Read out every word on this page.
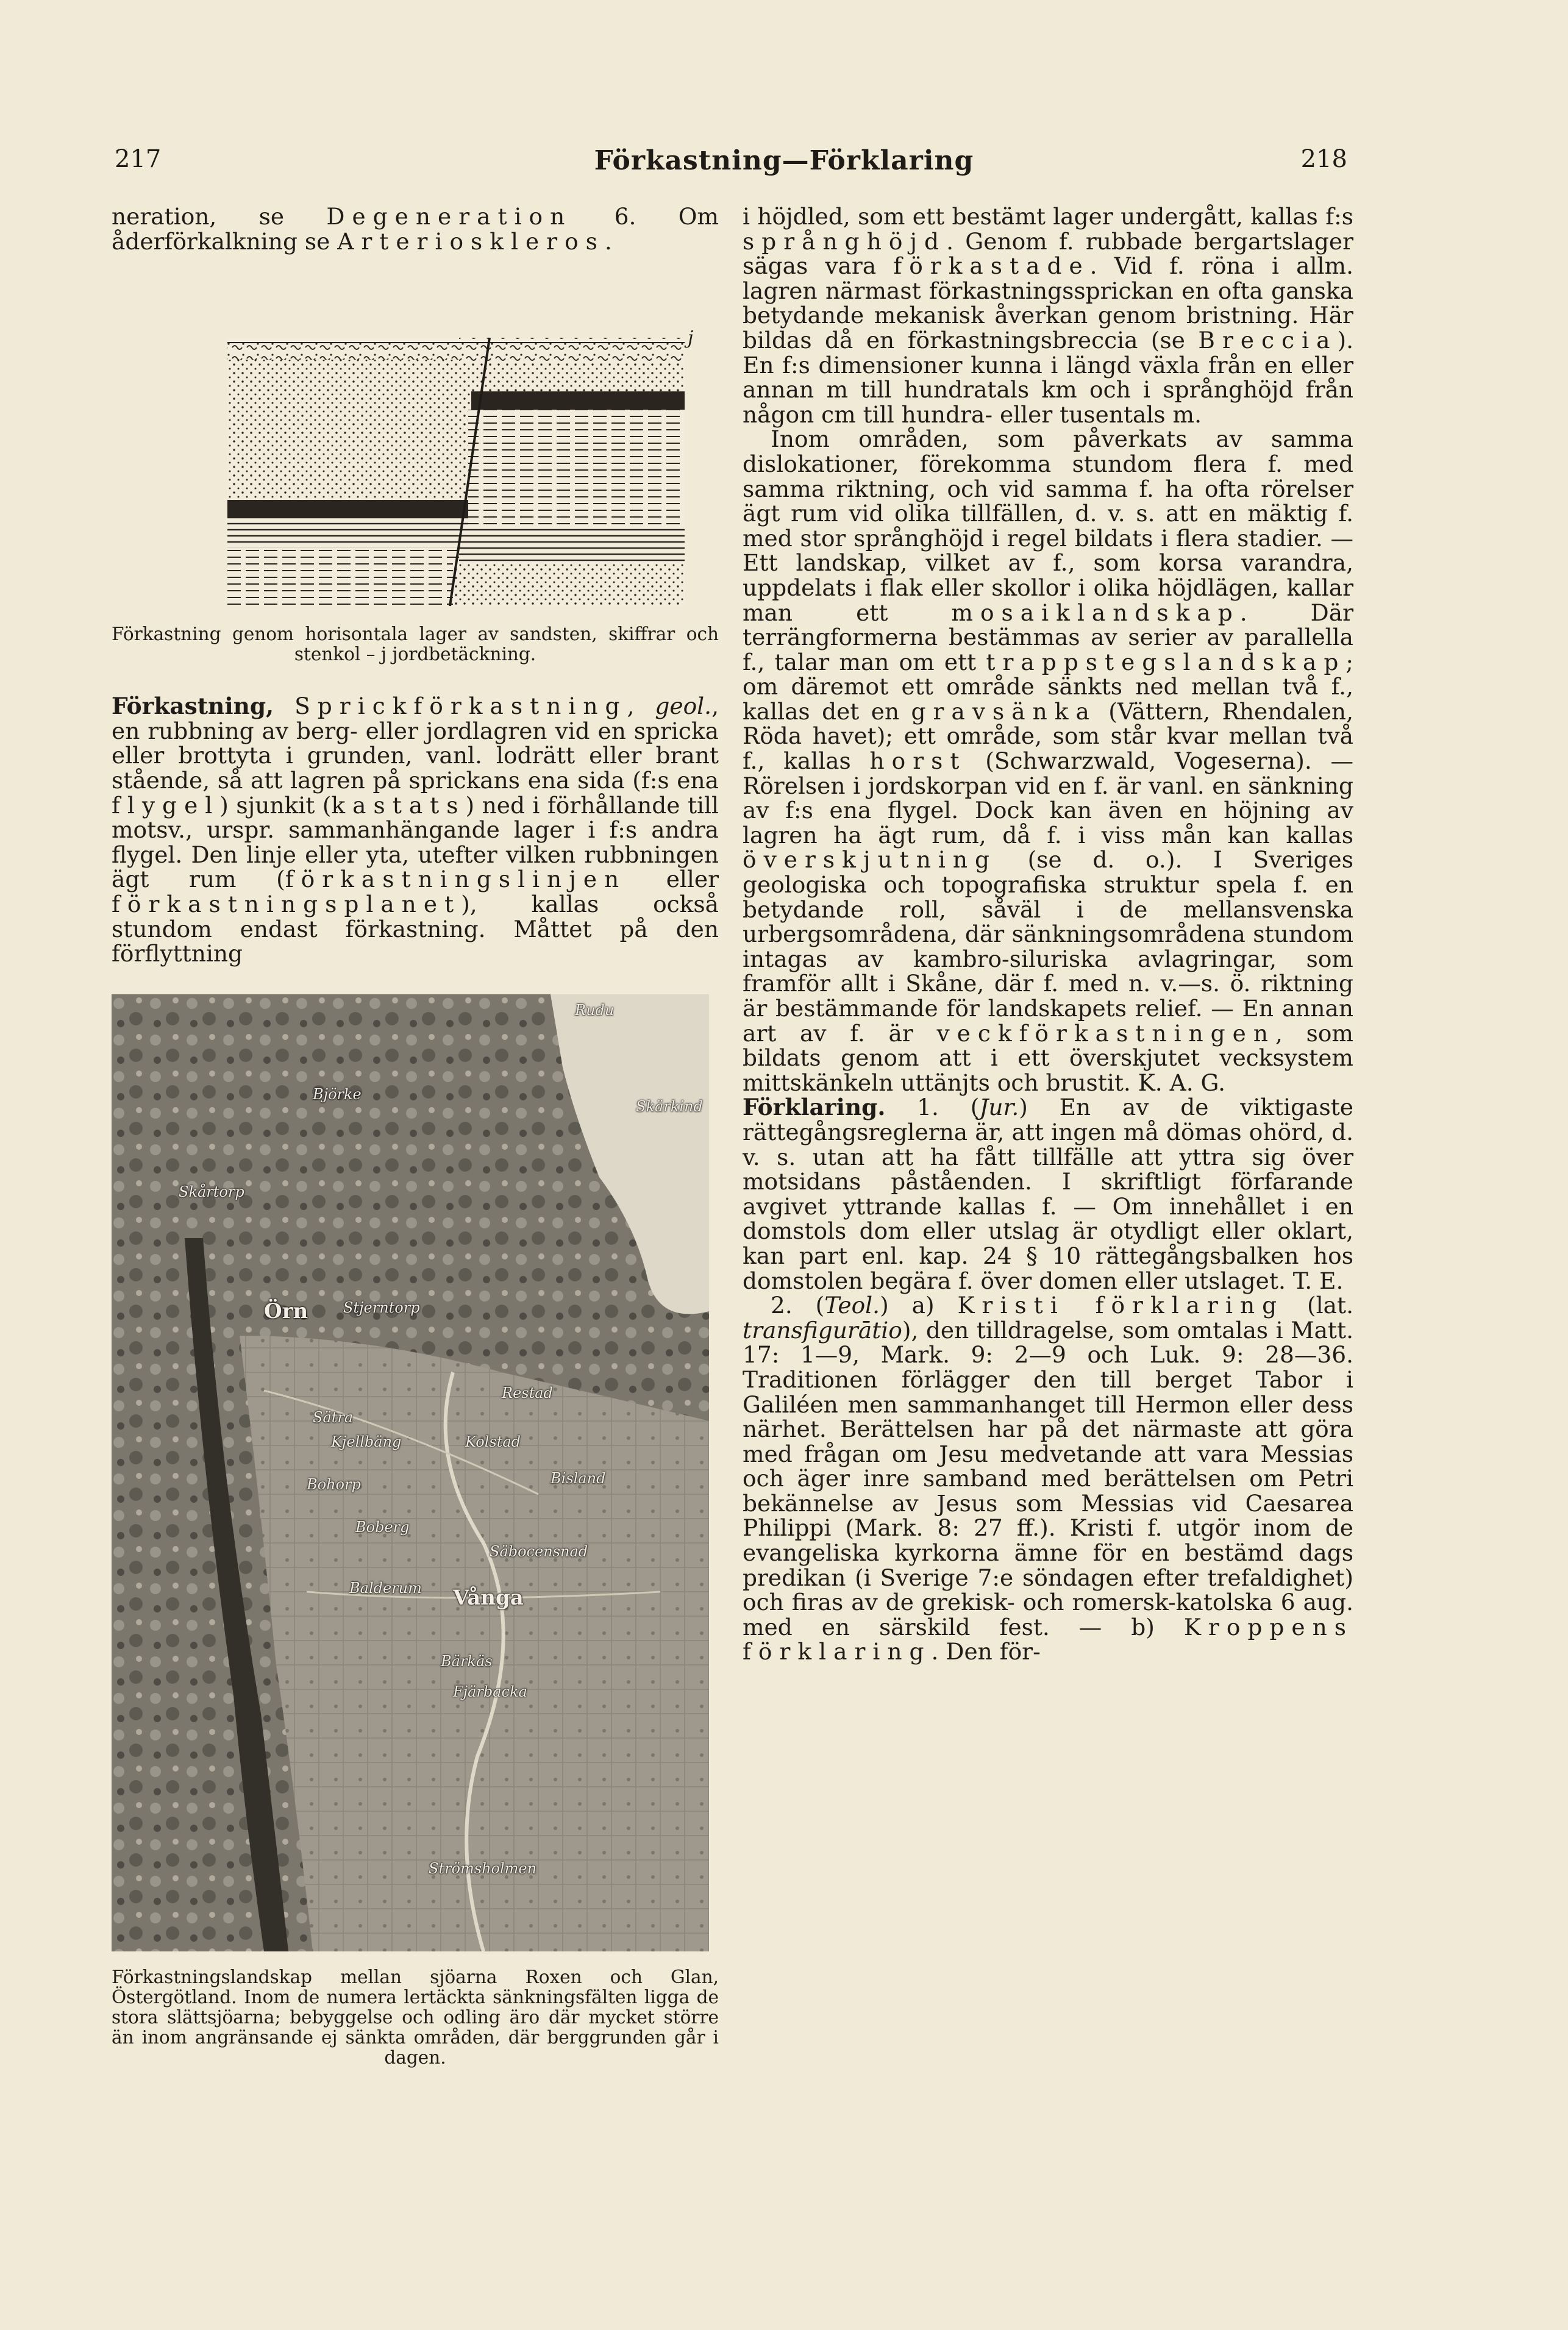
217	Förkastning—Förklaring	218

neration, se Degeneration 6. Om åderförkalkning se Arterioskleros.

j

Förkastning genom horisontala lager av sandsten, skiffrar och stenkol – j jordbetäckning.

Förkastning, Sprickförkastning, geol., en rubbning av berg- eller jordlagren vid en spricka eller brottyta i grunden, vanl. lodrätt eller brant stående, så att lagren på sprickans ena sida (f:s ena flygel) sjunkit (kastats) ned i förhållande till motsv., urspr. sammanhängande lager i f:s andra flygel. Den linje eller yta, utefter vilken rubbningen ägt rum (förkastningslinjen eller förkastningsplanet), kallas också stundom endast förkastning. Måttet på den förflyttning

Rudu
Björke
Skärkind
Skårtorp
Örn Stjerntorp
Restad
Sätra
Kjellbäng	Kolstad
Bohorp	Bisland
Boberg
Säbocensnad
Balderum Vånga
Bärkäs
Fjärbacka
Strömsholmen

Förkastningslandskap mellan sjöarna Roxen och Glan, Östergötland. Inom de numera lertäckta sänkningsfälten ligga de stora slättsjöarna; bebyggelse och odling äro där mycket större än inom angränsande ej sänkta områden, där berggrunden går i dagen.

i höjdled, som ett bestämt lager undergått, kallas f:s språnghöjd. Genom f. rubbade bergartslager sägas vara förkastade. Vid f. röna i allm. lagren närmast förkastningssprickan en ofta ganska betydande mekanisk åverkan genom bristning. Här bildas då en förkastningsbreccia (se Breccia). En f:s dimensioner kunna i längd växla från en eller annan m till hundratals km och i språnghöjd från någon cm till hundra- eller tusentals m.

Inom områden, som påverkats av samma dislokationer, förekomma stundom flera f. med samma riktning, och vid samma f. ha ofta rörelser ägt rum vid olika tillfällen, d. v. s. att en mäktig f. med stor språnghöjd i regel bildats i flera stadier. — Ett landskap, vilket av f., som korsa varandra, uppdelats i flak eller skollor i olika höjdlägen, kallar man ett mosaiklandskap. Där terrängformerna bestämmas av serier av parallella f., talar man om ett trappstegslandskap; om däremot ett område sänkts ned mellan två f., kallas det en gravsänka (Vättern, Rhendalen, Röda havet); ett område, som står kvar mellan två f., kallas horst (Schwarzwald, Vogeserna). — Rörelsen i jordskorpan vid en f. är vanl. en sänkning av f:s ena flygel. Dock kan även en höjning av lagren ha ägt rum, då f. i viss mån kan kallas överskjutning (se d. o.). I Sveriges geologiska och topografiska struktur spela f. en betydande roll, såväl i de mellansvenska urbergsområdena, där sänkningsområdena stundom intagas av kambro-siluriska avlagringar, som framför allt i Skåne, där f. med n. v.—s. ö. riktning är bestämmande för landskapets relief. — En annan art av f. är veckförkastningen, som bildats genom att i ett överskjutet vecksystem mittskänkeln uttänjts och brustit. K. A. G.

Förklaring. 1. (Jur.) En av de viktigaste rättegångsreglerna är, att ingen må dömas ohörd, d. v. s. utan att ha fått tillfälle att yttra sig över motsidans påståenden. I skriftligt förfarande avgivet yttrande kallas f. — Om innehållet i en domstols dom eller utslag är otydligt eller oklart, kan part enl. kap. 24 § 10 rättegångsbalken hos domstolen begära f. över domen eller utslaget. T. E.

2. (Teol.) a) Kristi förklaring (lat. transfigurātio), den tilldragelse, som omtalas i Matt. 17: 1—9, Mark. 9: 2—9 och Luk. 9: 28—36. Traditionen förlägger den till berget Tabor i Galiléen men sammanhanget till Hermon eller dess närhet. Berättelsen har på det närmaste att göra med frågan om Jesu medvetande att vara Messias och äger inre samband med berättelsen om Petri bekännelse av Jesus som Messias vid Caesarea Philippi (Mark. 8: 27 ff.). Kristi f. utgör inom de evangeliska kyrkorna ämne för en bestämd dags predikan (i Sverige 7:e söndagen efter trefaldighet) och firas av de grekisk- och romersk-katolska 6 aug. med en särskild fest. — b) Kroppens förklaring. Den för-
